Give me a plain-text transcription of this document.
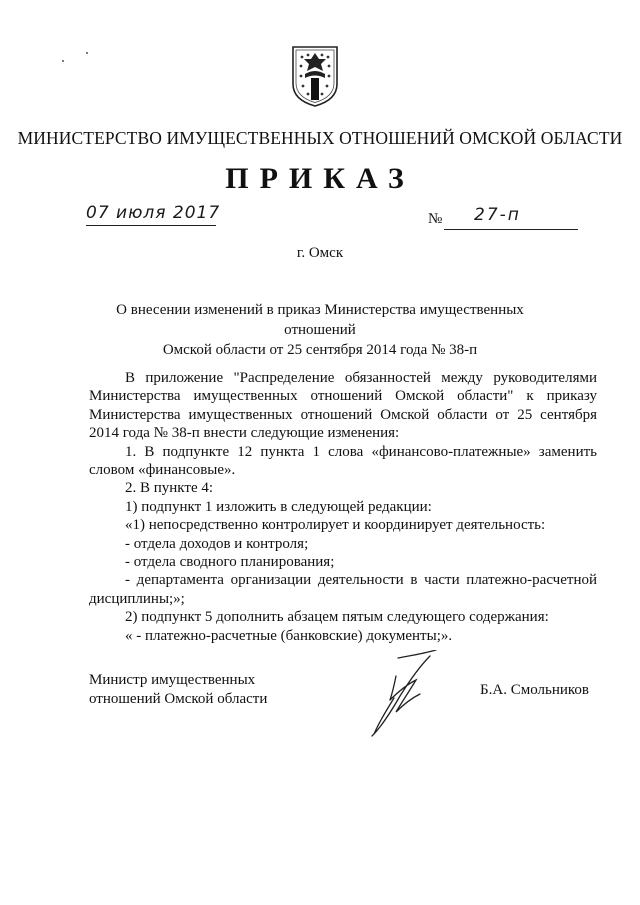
МИНИСТЕРСТВО ИМУЩЕСТВЕННЫХ ОТНОШЕНИЙ ОМСКОЙ ОБЛАСТИ
ПРИКАЗ
07 июля 2017	№ 27-п
г. Омск
О внесении изменений в приказ Министерства имущественных отношений
Омской области от 25 сентября 2014 года № 38-п

В приложение "Распределение обязанностей между руководителями Министерства имущественных отношений Омской области" к приказу Министерства имущественных отношений Омской области от 25 сентября 2014 года № 38-п внести следующие изменения:

1. В подпункте 12 пункта 1 слова «финансово-платежные» заменить словом «финансовые».

2. В пункте 4:

1) подпункт 1 изложить в следующей редакции:

«1) непосредственно контролирует и координирует деятельность:

- отдела доходов и контроля;

- отдела сводного планирования;

- департамента организации деятельности в части платежно-расчетной дисциплины;»;

2) подпункт 5 дополнить абзацем пятым следующего содержания:

« - платежно-расчетные (банковские) документы;».

Министр имущественных
отношений Омской области
Б.А. Смольников
